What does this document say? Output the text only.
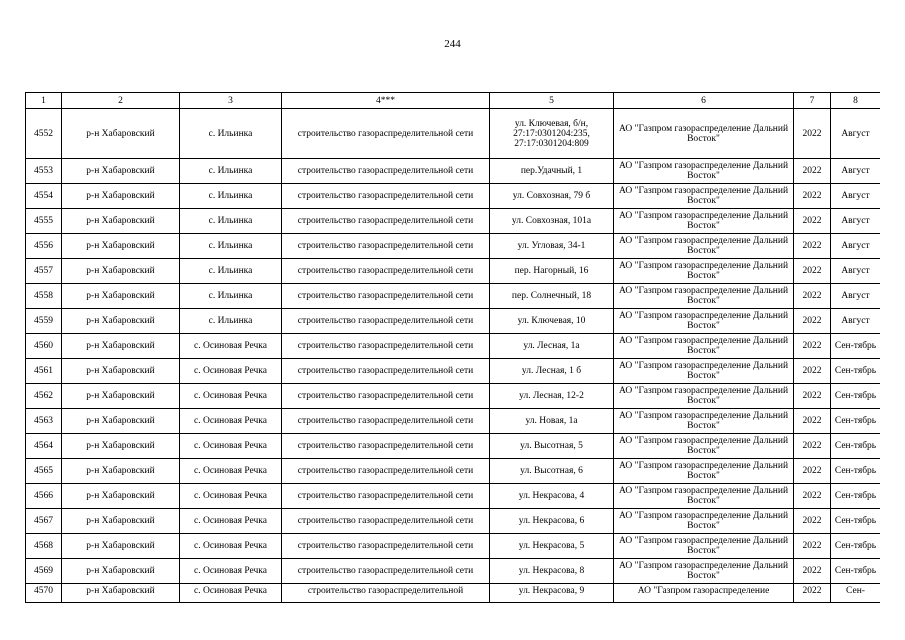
244
1	2	3	4***	5	6	7	8
4552	р-н Хабаровский	с. Ильинка	строительство газораспределительной сети	ул. Ключевая, б/н, 27:17:0301204:235, 27:17:0301204:809	АО "Газпром газораспределение Дальний Восток"	2022	Август
4553	р-н Хабаровский	с. Ильинка	строительство газораспределительной сети	пер.Удачный, 1	АО "Газпром газораспределение Дальний Восток"	2022	Август
4554	р-н Хабаровский	с. Ильинка	строительство газораспределительной сети	ул. Совхозная, 79 б	АО "Газпром газораспределение Дальний Восток"	2022	Август
4555	р-н Хабаровский	с. Ильинка	строительство газораспределительной сети	ул. Совхозная, 101а	АО "Газпром газораспределение Дальний Восток"	2022	Август
4556	р-н Хабаровский	с. Ильинка	строительство газораспределительной сети	ул. Угловая, 34-1	АО "Газпром газораспределение Дальний Восток"	2022	Август
4557	р-н Хабаровский	с. Ильинка	строительство газораспределительной сети	пер. Нагорный, 16	АО "Газпром газораспределение Дальний Восток"	2022	Август
4558	р-н Хабаровский	с. Ильинка	строительство газораспределительной сети	пер. Солнечный, 18	АО "Газпром газораспределение Дальний Восток"	2022	Август
4559	р-н Хабаровский	с. Ильинка	строительство газораспределительной сети	ул. Ключевая, 10	АО "Газпром газораспределение Дальний Восток"	2022	Август
4560	р-н Хабаровский	с. Осиновая Речка	строительство газораспределительной сети	ул. Лесная, 1а	АО "Газпром газораспределение Дальний Восток"	2022	Сен-тябрь
4561	р-н Хабаровский	с. Осиновая Речка	строительство газораспределительной сети	ул. Лесная, 1 б	АО "Газпром газораспределение Дальний Восток"	2022	Сен-тябрь
4562	р-н Хабаровский	с. Осиновая Речка	строительство газораспределительной сети	ул. Лесная, 12-2	АО "Газпром газораспределение Дальний Восток"	2022	Сен-тябрь
4563	р-н Хабаровский	с. Осиновая Речка	строительство газораспределительной сети	ул. Новая, 1а	АО "Газпром газораспределение Дальний Восток"	2022	Сен-тябрь
4564	р-н Хабаровский	с. Осиновая Речка	строительство газораспределительной сети	ул. Высотная, 5	АО "Газпром газораспределение Дальний Восток"	2022	Сен-тябрь
4565	р-н Хабаровский	с. Осиновая Речка	строительство газораспределительной сети	ул. Высотная, 6	АО "Газпром газораспределение Дальний Восток"	2022	Сен-тябрь
4566	р-н Хабаровский	с. Осиновая Речка	строительство газораспределительной сети	ул. Некрасова, 4	АО "Газпром газораспределение Дальний Восток"	2022	Сен-тябрь
4567	р-н Хабаровский	с. Осиновая Речка	строительство газораспределительной сети	ул. Некрасова, 6	АО "Газпром газораспределение Дальний Восток"	2022	Сен-тябрь
4568	р-н Хабаровский	с. Осиновая Речка	строительство газораспределительной сети	ул. Некрасова, 5	АО "Газпром газораспределение Дальний Восток"	2022	Сен-тябрь
4569	р-н Хабаровский	с. Осиновая Речка	строительство газораспределительной сети	ул. Некрасова, 8	АО "Газпром газораспределение Дальний Восток"	2022	Сен-тябрь
4570	р-н Хабаровский	с. Осиновая Речка	строительство газораспределительной	ул. Некрасова, 9	АО "Газпром газораспределение	2022	Сен-
